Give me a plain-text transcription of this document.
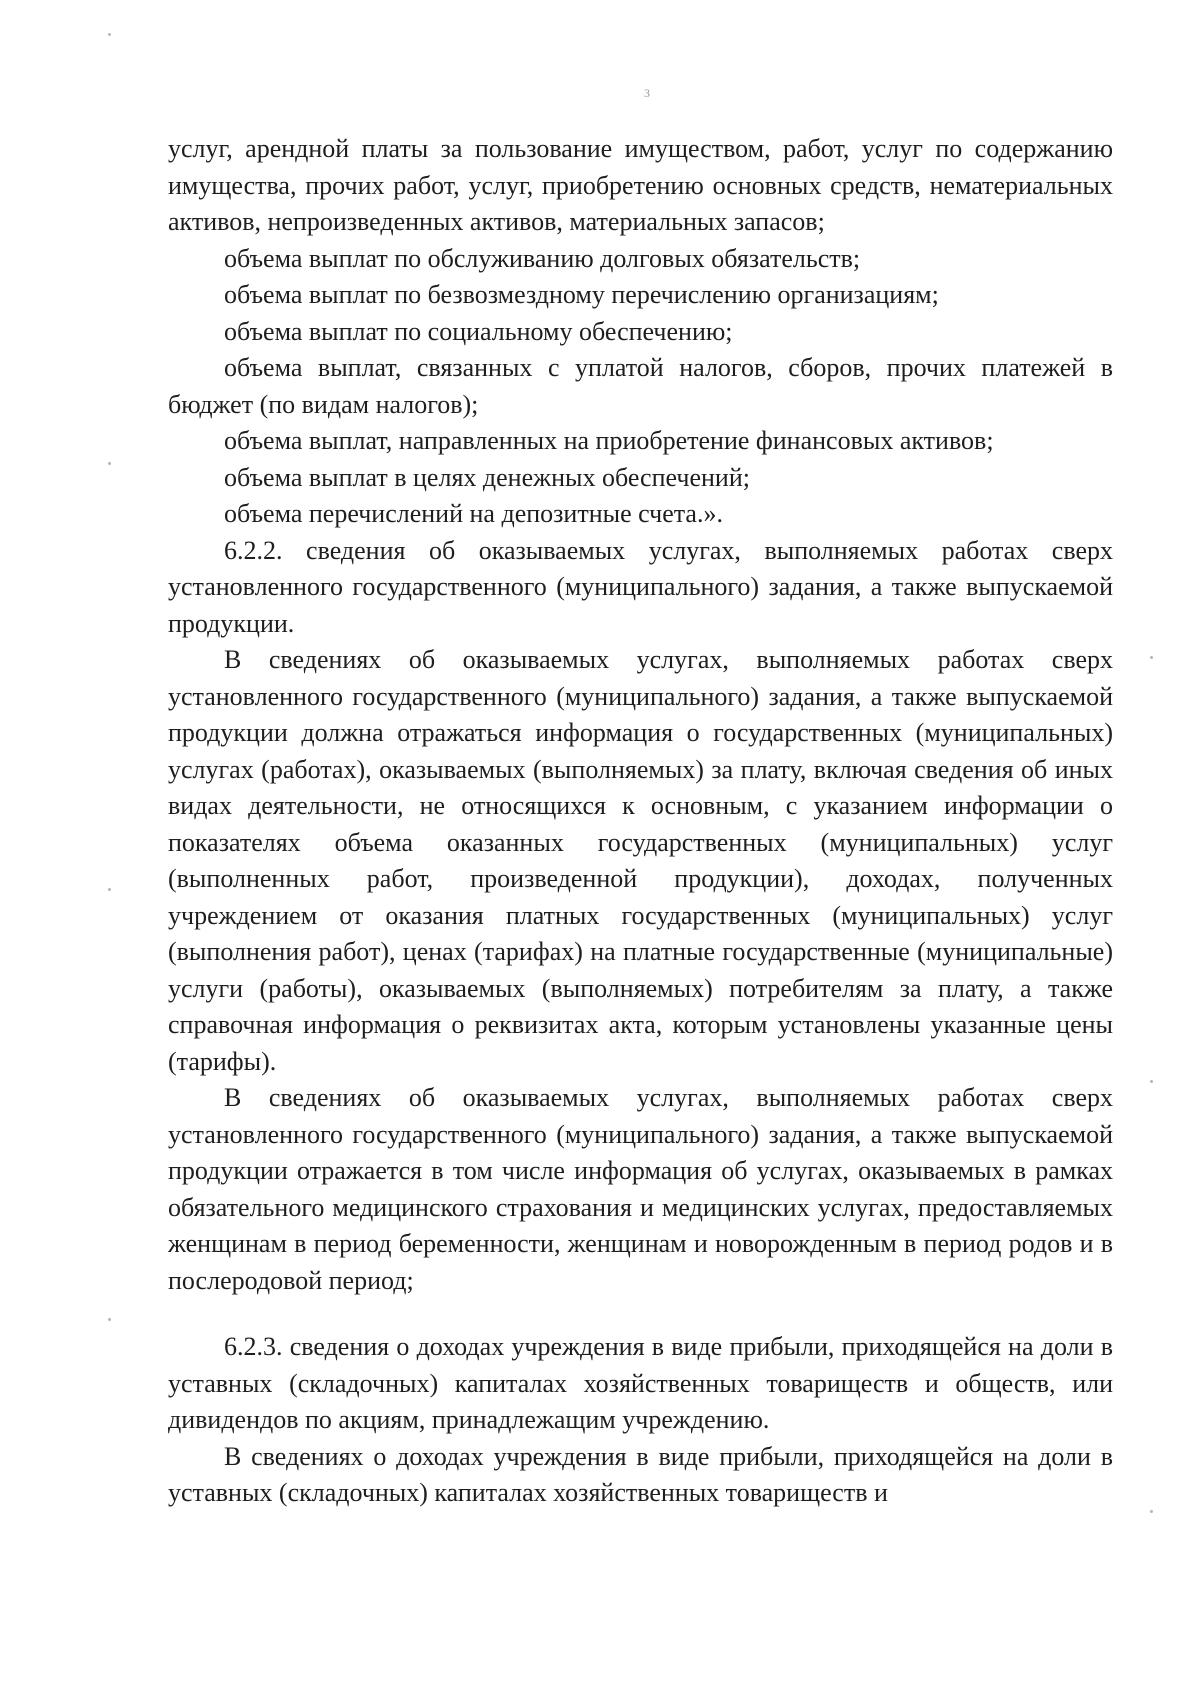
3

услуг, арендной платы за пользование имуществом, работ, услуг по содержанию имущества, прочих работ, услуг, приобретению основных средств, нематериальных активов, непроизведенных активов, материальных запасов;

объема выплат по обслуживанию долговых обязательств;

объема выплат по безвозмездному перечислению организациям;

объема выплат по социальному обеспечению;

объема выплат, связанных с уплатой налогов, сборов, прочих платежей в бюджет (по видам налогов);

объема выплат, направленных на приобретение финансовых активов;

объема выплат в целях денежных обеспечений;

объема перечислений на депозитные счета.».

6.2.2. сведения об оказываемых услугах, выполняемых работах сверх установленного государственного (муниципального) задания, а также выпускаемой продукции.

В сведениях об оказываемых услугах, выполняемых работах сверх установленного государственного (муниципального) задания, а также выпускаемой продукции должна отражаться информация о государственных (муниципальных) услугах (работах), оказываемых (выполняемых) за плату, включая сведения об иных видах деятельности, не относящихся к основным, с указанием информации о показателях объема оказанных государственных (муниципальных) услуг (выполненных работ, произведенной продукции), доходах, полученных учреждением от оказания платных государственных (муниципальных) услуг (выполнения работ), ценах (тарифах) на платные государственные (муниципальные) услуги (работы), оказываемых (выполняемых) потребителям за плату, а также справочная информация о реквизитах акта, которым установлены указанные цены (тарифы).

В сведениях об оказываемых услугах, выполняемых работах сверх установленного государственного (муниципального) задания, а также выпускаемой продукции отражается в том числе информация об услугах, оказываемых в рамках обязательного медицинского страхования и медицинских услугах, предоставляемых женщинам в период беременности, женщинам и новорожденным в период родов и в послеродовой период;

6.2.3. сведения о доходах учреждения в виде прибыли, приходящейся на доли в уставных (складочных) капиталах хозяйственных товариществ и обществ, или дивидендов по акциям, принадлежащим учреждению.

В сведениях о доходах учреждения в виде прибыли, приходящейся на доли в уставных (складочных) капиталах хозяйственных товариществ и
